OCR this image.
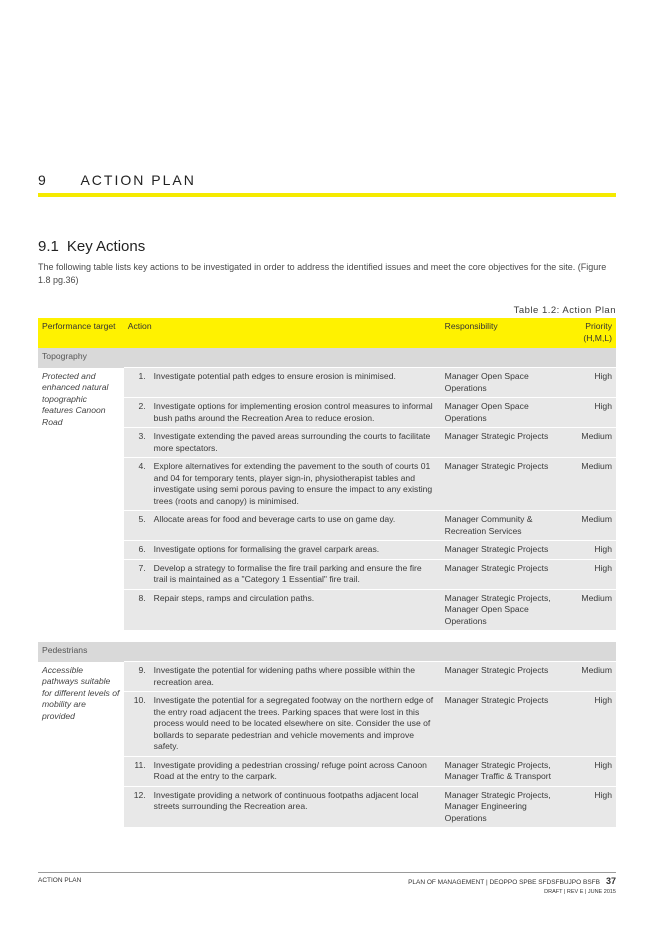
9 ACTION PLAN
9.1 Key Actions
The following table lists key actions to be investigated in order to address the identified issues and meet the core objectives for the site. (Figure 1.8 pg.36)
Table 1.2: Action Plan
Performance target	Action		Responsibility	Priority (H,M,L)
Topography				
Protected and enhanced natural topographic features Canoon Road	1.	Investigate potential path edges to ensure erosion is minimised.	Manager Open Space Operations	High
	2.	Investigate options for implementing erosion control measures to informal bush paths around the Recreation Area to reduce erosion.	Manager Open Space Operations	High
	3.	Investigate extending the paved areas surrounding the courts to facilitate more spectators.	Manager Strategic Projects	Medium
	4.	Explore alternatives for extending the pavement to the south of courts 01 and 04 for temporary tents, player sign-in, physiotherapist tables and investigate using semi porous paving to ensure the impact to any existing trees (roots and canopy) is minimised.	Manager Strategic Projects	Medium
	5.	Allocate areas for food and beverage carts to use on game day.	Manager Community & Recreation Services	Medium
	6.	Investigate options for formalising the gravel carpark areas.	Manager Strategic Projects	High
	7.	Develop a strategy to formalise the fire trail parking and ensure the fire trail is maintained as a "Category 1 Essential" fire trail.	Manager Strategic Projects	High
	8.	Repair steps, ramps and circulation paths.	Manager Strategic Projects, Manager Open Space Operations	Medium

Pedestrians				
Accessible pathways suitable for different levels of mobility are provided	9.	Investigate the potential for widening paths where possible within the recreation area.	Manager Strategic Projects	Medium
	10.	Investigate the potential for a segregated footway on the northern edge of the entry road adjacent the trees. Parking spaces that were lost in this process would need to be located elsewhere on site. Consider the use of bollards to separate pedestrian and vehicle movements and improve safety.	Manager Strategic Projects	High
	11.	Investigate providing a pedestrian crossing/ refuge point across Canoon Road at the entry to the carpark.	Manager Strategic Projects, Manager Traffic & Transport	High
	12.	Investigate providing a network of continuous footpaths adjacent local streets surrounding the Recreation area.	Manager Strategic Projects, Manager Engineering Operations	High
ACTION PLAN	PLAN OF MANAGEMENT | DEOPPO SPBE SFDSFBUJPO BSFB 37
DRAFT | REV E | JUNE 2015
